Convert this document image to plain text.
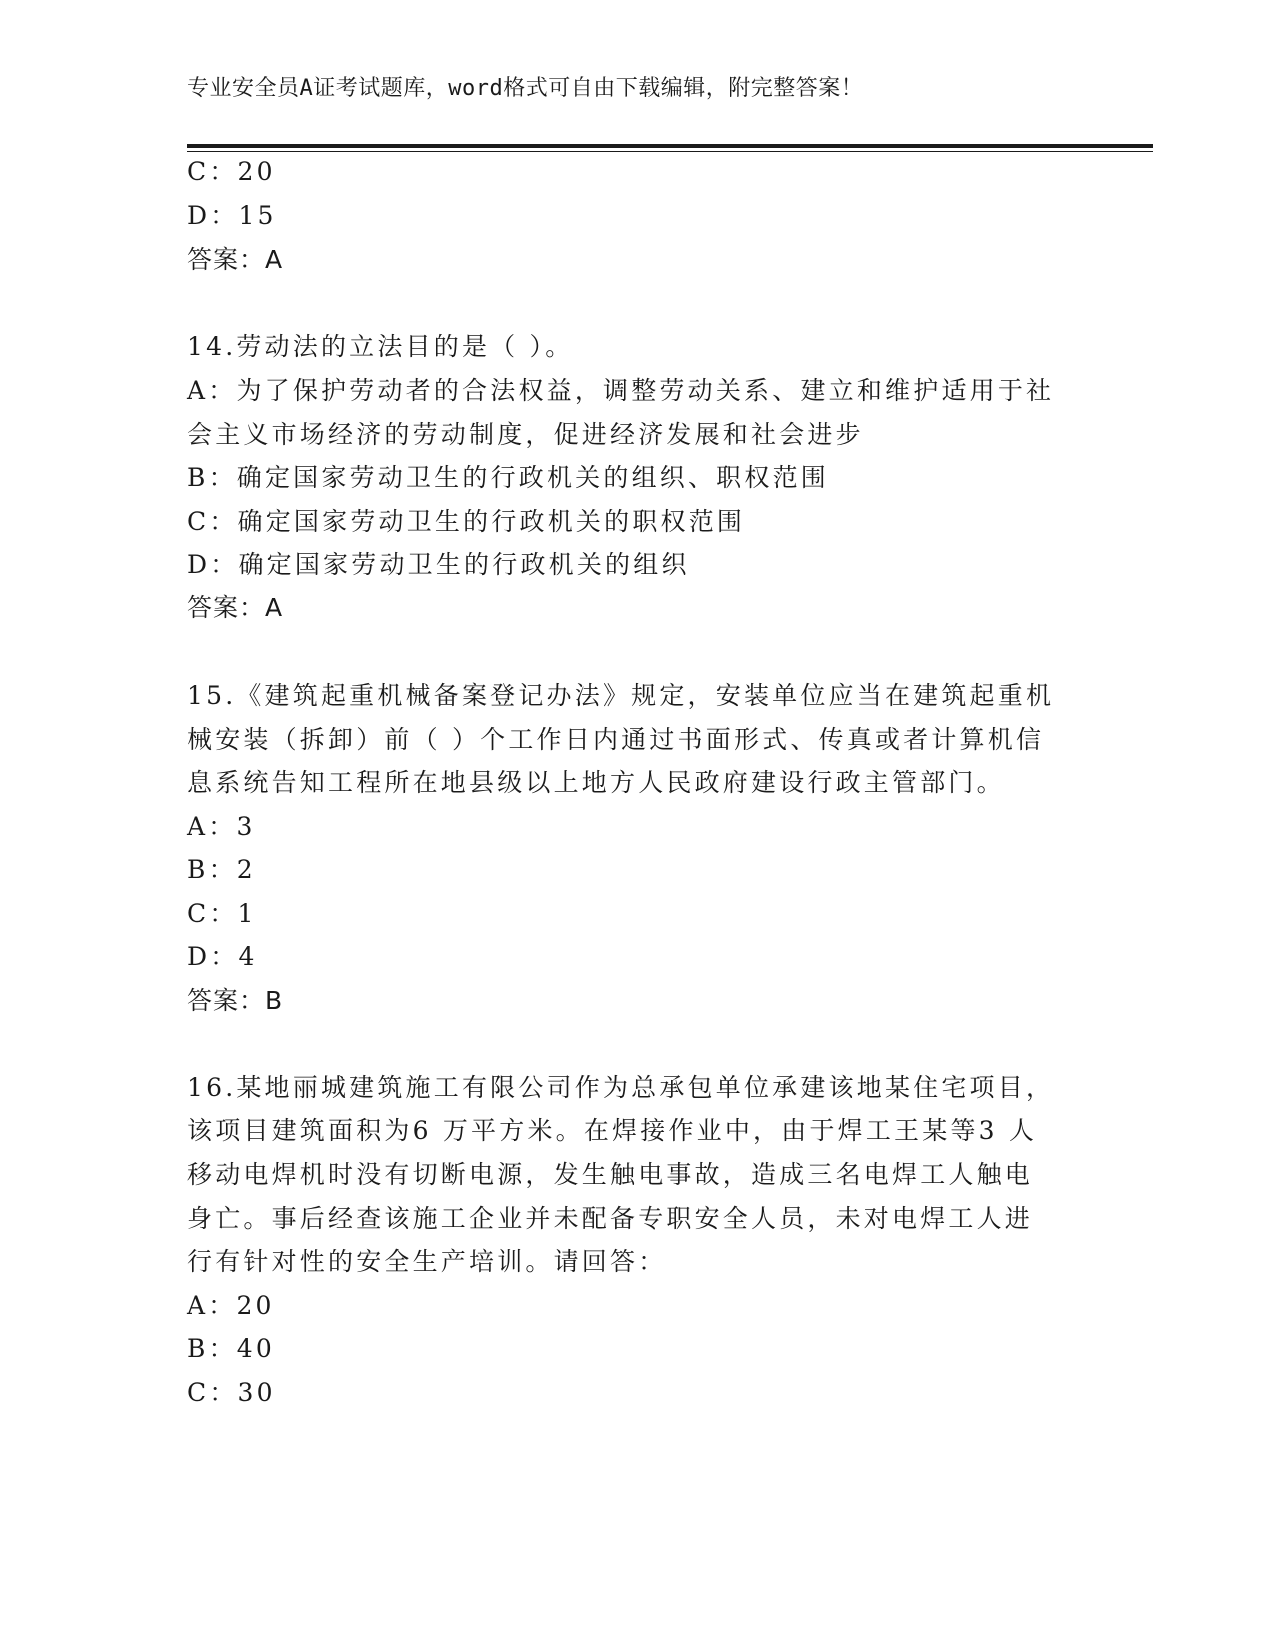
专业安全员A证考试题库，word格式可自由下载编辑，附完整答案！
C：20
D：15
答案：A
14.劳动法的立法目的是（ ）。
A：为了保护劳动者的合法权益，调整劳动关系、建立和维护适用于社
会主义市场经济的劳动制度，促进经济发展和社会进步
B：确定国家劳动卫生的行政机关的组织、职权范围
C：确定国家劳动卫生的行政机关的职权范围
D：确定国家劳动卫生的行政机关的组织
答案：A
15.《建筑起重机械备案登记办法》规定，安装单位应当在建筑起重机
械安装（拆卸）前（ ）个工作日内通过书面形式、传真或者计算机信
息系统告知工程所在地县级以上地方人民政府建设行政主管部门。
A：3
B：2
C：1
D：4
答案：B
16.某地丽城建筑施工有限公司作为总承包单位承建该地某住宅项目，
该项目建筑面积为6 万平方米。在焊接作业中，由于焊工王某等3 人
移动电焊机时没有切断电源，发生触电事故，造成三名电焊工人触电
身亡。事后经查该施工企业并未配备专职安全人员，未对电焊工人进
行有针对性的安全生产培训。请回答：
A：20
B：40
C：30
